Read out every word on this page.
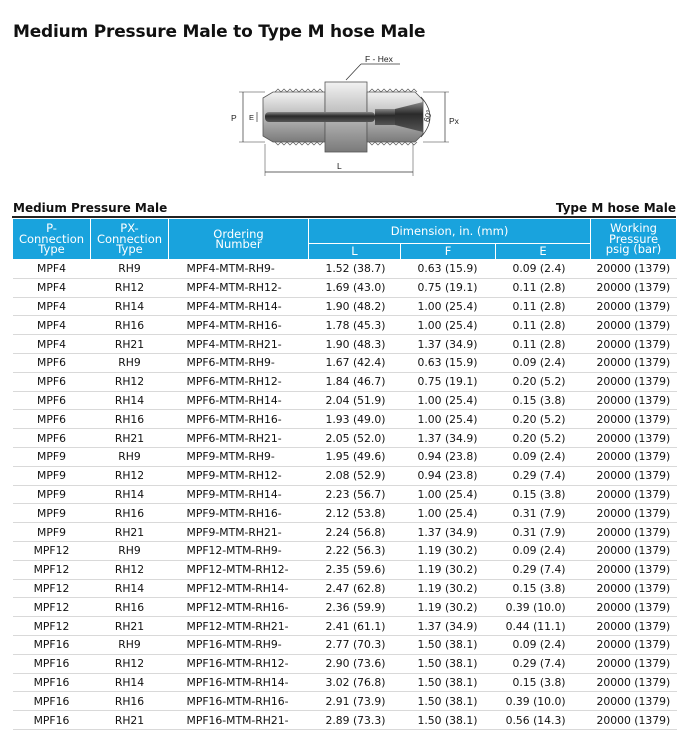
Medium Pressure Male to Type M hose Male
F - Hex
P E	Px
60°
L
Medium Pressure Male	Type M hose Male
P-
Connection
Type	PX-
Connection
Type	Ordering
Number	Dimension, in. (mm)			Working
Pressure
psig (bar)
			L	F	E	
MPF4	RH9	MPF4-MTM-RH9-	1.52 (38.7)	0.63 (15.9)	0.09 (2.4)	20000 (1379)
MPF4	RH12	MPF4-MTM-RH12-	1.69 (43.0)	0.75 (19.1)	0.11 (2.8)	20000 (1379)
MPF4	RH14	MPF4-MTM-RH14-	1.90 (48.2)	1.00 (25.4)	0.11 (2.8)	20000 (1379)
MPF4	RH16	MPF4-MTM-RH16-	1.78 (45.3)	1.00 (25.4)	0.11 (2.8)	20000 (1379)
MPF4	RH21	MPF4-MTM-RH21-	1.90 (48.3)	1.37 (34.9)	0.11 (2.8)	20000 (1379)
MPF6	RH9	MPF6-MTM-RH9-	1.67 (42.4)	0.63 (15.9)	0.09 (2.4)	20000 (1379)
MPF6	RH12	MPF6-MTM-RH12-	1.84 (46.7)	0.75 (19.1)	0.20 (5.2)	20000 (1379)
MPF6	RH14	MPF6-MTM-RH14-	2.04 (51.9)	1.00 (25.4)	0.15 (3.8)	20000 (1379)
MPF6	RH16	MPF6-MTM-RH16-	1.93 (49.0)	1.00 (25.4)	0.20 (5.2)	20000 (1379)
MPF6	RH21	MPF6-MTM-RH21-	2.05 (52.0)	1.37 (34.9)	0.20 (5.2)	20000 (1379)
MPF9	RH9	MPF9-MTM-RH9-	1.95 (49.6)	0.94 (23.8)	0.09 (2.4)	20000 (1379)
MPF9	RH12	MPF9-MTM-RH12-	2.08 (52.9)	0.94 (23.8)	0.29 (7.4)	20000 (1379)
MPF9	RH14	MPF9-MTM-RH14-	2.23 (56.7)	1.00 (25.4)	0.15 (3.8)	20000 (1379)
MPF9	RH16	MPF9-MTM-RH16-	2.12 (53.8)	1.00 (25.4)	0.31 (7.9)	20000 (1379)
MPF9	RH21	MPF9-MTM-RH21-	2.24 (56.8)	1.37 (34.9)	0.31 (7.9)	20000 (1379)
MPF12	RH9	MPF12-MTM-RH9-	2.22 (56.3)	1.19 (30.2)	0.09 (2.4)	20000 (1379)
MPF12	RH12	MPF12-MTM-RH12-	2.35 (59.6)	1.19 (30.2)	0.29 (7.4)	20000 (1379)
MPF12	RH14	MPF12-MTM-RH14-	2.47 (62.8)	1.19 (30.2)	0.15 (3.8)	20000 (1379)
MPF12	RH16	MPF12-MTM-RH16-	2.36 (59.9)	1.19 (30.2)	0.39 (10.0)	20000 (1379)
MPF12	RH21	MPF12-MTM-RH21-	2.41 (61.1)	1.37 (34.9)	0.44 (11.1)	20000 (1379)
MPF16	RH9	MPF16-MTM-RH9-	2.77 (70.3)	1.50 (38.1)	0.09 (2.4)	20000 (1379)
MPF16	RH12	MPF16-MTM-RH12-	2.90 (73.6)	1.50 (38.1)	0.29 (7.4)	20000 (1379)
MPF16	RH14	MPF16-MTM-RH14-	3.02 (76.8)	1.50 (38.1)	0.15 (3.8)	20000 (1379)
MPF16	RH16	MPF16-MTM-RH16-	2.91 (73.9)	1.50 (38.1)	0.39 (10.0)	20000 (1379)
MPF16	RH21	MPF16-MTM-RH21-	2.89 (73.3)	1.50 (38.1)	0.56 (14.3)	20000 (1379)
